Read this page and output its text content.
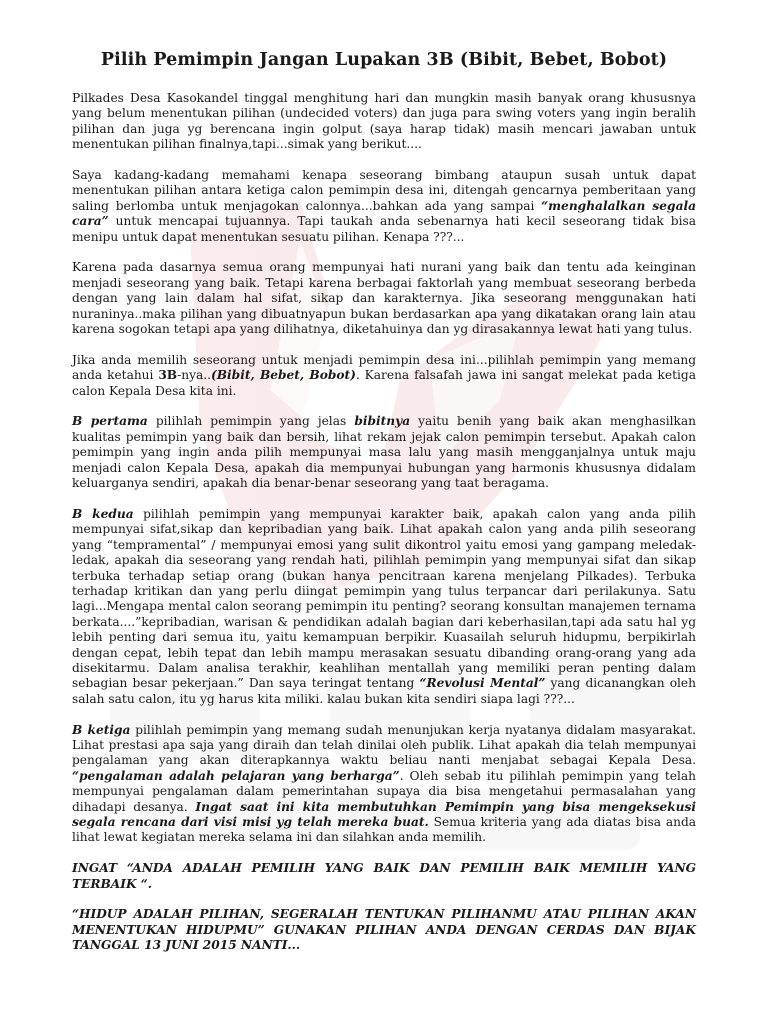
Pilih Pemimpin Jangan Lupakan 3B (Bibit, Bebet, Bobot)

Pilkades Desa Kasokandel tinggal menghitung hari dan mungkin masih banyak orang khususnya yang belum menentukan pilihan (undecided voters) dan juga para swing voters yang ingin beralih pilihan dan juga yg berencana ingin golput (saya harap tidak) masih mencari jawaban untuk menentukan pilihan finalnya,tapi...simak yang berikut....

Saya kadang-kadang memahami kenapa seseorang bimbang ataupun susah untuk dapat menentukan pilihan antara ketiga calon pemimpin desa ini, ditengah gencarnya pemberitaan yang saling berlomba untuk menjagokan calonnya...bahkan ada yang sampai “menghalalkan segala cara” untuk mencapai tujuannya. Tapi taukah anda sebenarnya hati kecil seseorang tidak bisa menipu untuk dapat menentukan sesuatu pilihan. Kenapa ???...

Karena pada dasarnya semua orang mempunyai hati nurani yang baik dan tentu ada keinginan menjadi seseorang yang baik. Tetapi karena berbagai faktorlah yang membuat seseorang berbeda dengan yang lain dalam hal sifat, sikap dan karakternya. Jika seseorang menggunakan hati nuraninya..maka pilihan yang dibuatnyapun bukan berdasarkan apa yang dikatakan orang lain atau karena sogokan tetapi apa yang dilihatnya, diketahuinya dan yg dirasakannya lewat hati yang tulus.

Jika anda memilih seseorang untuk menjadi pemimpin desa ini...pilihlah pemimpin yang memang anda ketahui 3B-nya..(Bibit, Bebet, Bobot). Karena falsafah jawa ini sangat melekat pada ketiga calon Kepala Desa kita ini.

B pertama pilihlah pemimpin yang jelas bibitnya yaitu benih yang baik akan menghasilkan kualitas pemimpin yang baik dan bersih, lihat rekam jejak calon pemimpin tersebut. Apakah calon pemimpin yang ingin anda pilih mempunyai masa lalu yang masih mengganjalnya untuk maju menjadi calon Kepala Desa, apakah dia mempunyai hubungan yang harmonis khususnya didalam keluarganya sendiri, apakah dia benar-benar seseorang yang taat beragama.

B kedua pilihlah pemimpin yang mempunyai karakter baik, apakah calon yang anda pilih mempunyai sifat,sikap dan kepribadian yang baik. Lihat apakah calon yang anda pilih seseorang yang “tempramental” / mempunyai emosi yang sulit dikontrol yaitu emosi yang gampang meledak-ledak, apakah dia seseorang yang rendah hati, pilihlah pemimpin yang mempunyai sifat dan sikap terbuka terhadap setiap orang (bukan hanya pencitraan karena menjelang Pilkades). Terbuka terhadap kritikan dan yang perlu diingat pemimpin yang tulus terpancar dari perilakunya. Satu lagi...Mengapa mental calon seorang pemimpin itu penting? seorang konsultan manajemen ternama berkata....”kepribadian, warisan & pendidikan adalah bagian dari keberhasilan,tapi ada satu hal yg lebih penting dari semua itu, yaitu kemampuan berpikir. Kuasailah seluruh hidupmu, berpikirlah dengan cepat, lebih tepat dan lebih mampu merasakan sesuatu dibanding orang-orang yang ada disekitarmu. Dalam analisa terakhir, keahlihan mentallah yang memiliki peran penting dalam sebagian besar pekerjaan.” Dan saya teringat tentang “Revolusi Mental” yang dicanangkan oleh salah satu calon, itu yg harus kita miliki. kalau bukan kita sendiri siapa lagi ???...

B ketiga pilihlah pemimpin yang memang sudah menunjukan kerja nyatanya didalam masyarakat. Lihat prestasi apa saja yang diraih dan telah dinilai oleh publik. Lihat apakah dia telah mempunyai pengalaman yang akan diterapkannya waktu beliau nanti menjabat sebagai Kepala Desa. “pengalaman adalah pelajaran yang berharga”. Oleh sebab itu pilihlah pemimpin yang telah mempunyai pengalaman dalam pemerintahan supaya dia bisa mengetahui permasalahan yang dihadapi desanya. Ingat saat ini kita membutuhkan Pemimpin yang bisa mengeksekusi segala rencana dari visi misi yg telah mereka buat. Semua kriteria yang ada diatas bisa anda lihat lewat kegiatan mereka selama ini dan silahkan anda memilih.

INGAT “ANDA ADALAH PEMILIH YANG BAIK DAN PEMILIH BAIK MEMILIH YANG TERBAIK “.

“HIDUP ADALAH PILIHAN, SEGERALAH TENTUKAN PILIHANMU ATAU PILIHAN AKAN MENENTUKAN HIDUPMU” GUNAKAN PILIHAN ANDA DENGAN CERDAS DAN BIJAK TANGGAL 13 JUNI 2015 NANTI...
